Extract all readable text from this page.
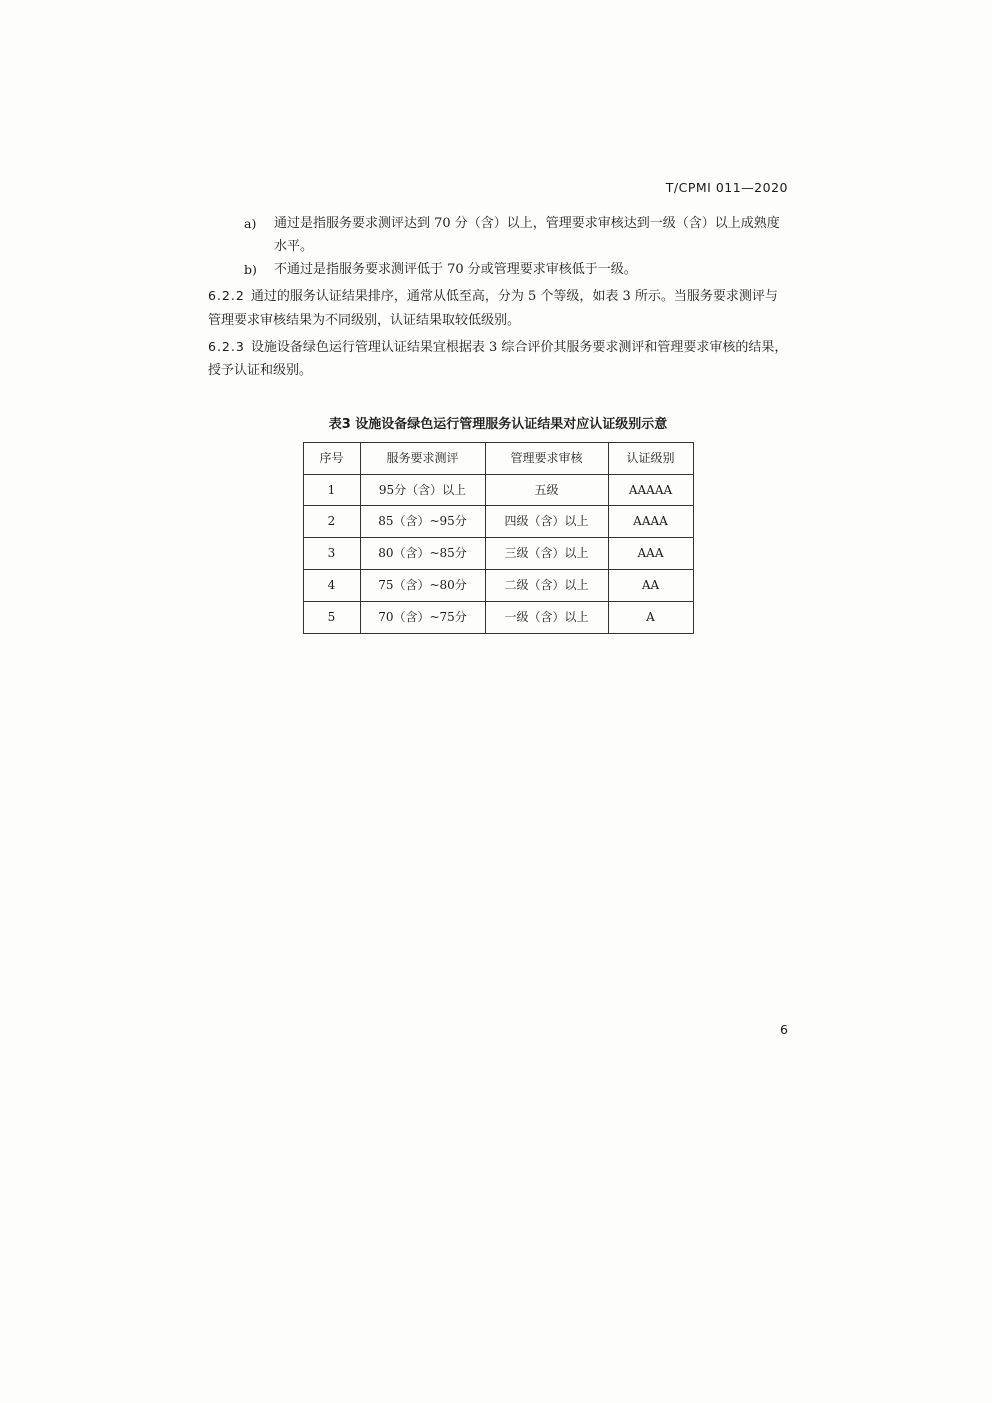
T/CPMI 011—2020
a)	通过是指服务要求测评达到 70 分（含）以上，管理要求审核达到一级（含）以上成熟度水平。
b)	不通过是指服务要求测评低于 70 分或管理要求审核低于一级。
6.2.2 通过的服务认证结果排序，通常从低至高，分为 5 个等级，如表 3 所示。当服务要求测评与管理要求审核结果为不同级别，认证结果取较低级别。
6.2.3 设施设备绿色运行管理认证结果宜根据表 3 综合评价其服务要求测评和管理要求审核的结果，授予认证和级别。
表3 设施设备绿色运行管理服务认证结果对应认证级别示意
序号	服务要求测评	管理要求审核	认证级别
1	95分（含）以上	五级	AAAAA
2	85（含）~95分	四级（含）以上	AAAA
3	80（含）~85分	三级（含）以上	AAA
4	75（含）~80分	二级（含）以上	AA
5	70（含）~75分	一级（含）以上	A
6
